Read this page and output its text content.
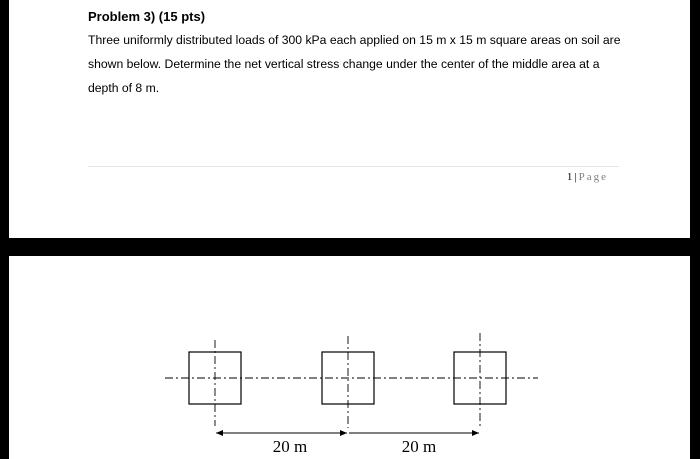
Problem 3) (15 pts)
Three uniformly distributed loads of 300 kPa each applied on 15 m x 15 m square areas on soil are shown below. Determine the net vertical stress change under the center of the middle area at a depth of 8 m.
1 | Page
20 m	20 m
